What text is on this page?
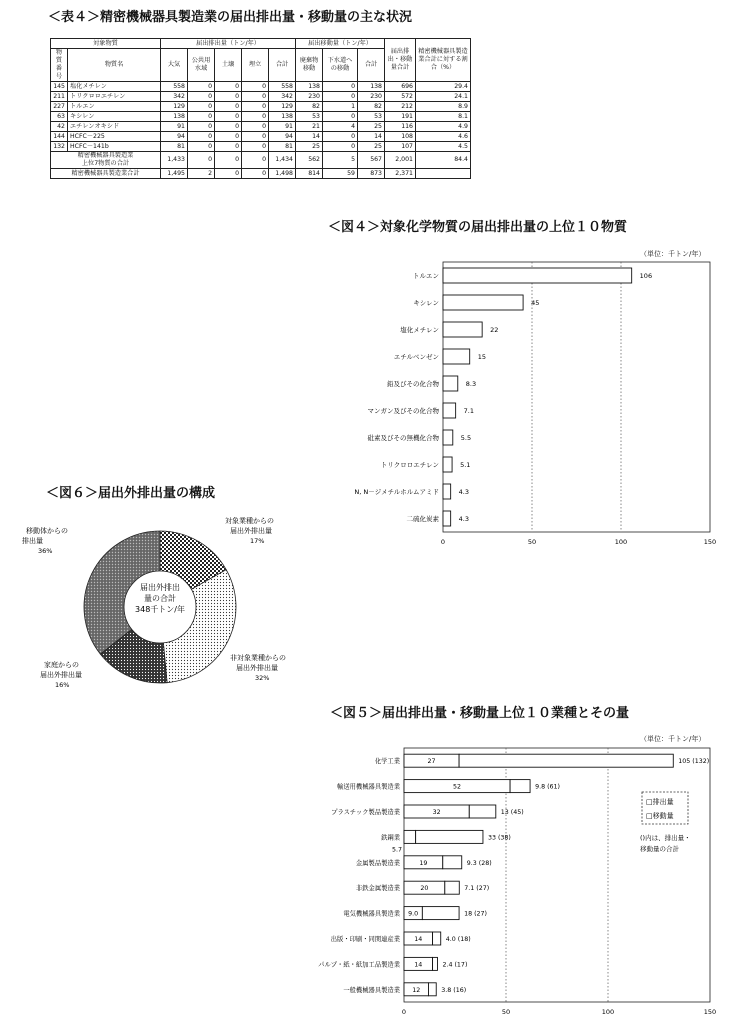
＜表４＞精密機械器具製造業の届出排出量・移動量の主な状況
対象物質		届出排出量（トン/年）					届出移動量（トン/年）			届出排出・移動量合計	精密機械器具製造業合計に対する割合（%）
物質番号	物質名	大気	公共用水域	土壌	埋立	合計	廃棄物移動	下水道への移動	合計		
145	塩化メチレン	558	0	0	0	558	138	0	138	696	29.4
211	トリクロロエチレン	342	0	0	0	342	230	0	230	572	24.1
227	トルエン	129	0	0	0	129	82	1	82	212	8.9
63	キシレン	138	0	0	0	138	53	0	53	191	8.1
42	エチレンオキシド	91	0	0	0	91	21	4	25	116	4.9
144	HCFC－225	94	0	0	0	94	14	0	14	108	4.6
132	HCFC－141b	81	0	0	0	81	25	0	25	107	4.5

精密機械器具製造業
上位7物質の合計		1,433	0	0	0	1,434	562	5	567	2,001	84.4
精密機械器具製造業合計		1,495	2	0	0	1,498	814	59	873	2,371	
＜図４＞対象化学物質の届出排出量の上位１０物質
（単位：千トン/年）
トルエン	106
キシレン	45
塩化メチレン	22
エチルベンゼン	15
鉛及びその化合物	8.3
マンガン及びその化合物	7.1
砒素及びその無機化合物	5.5
トリクロロエチレン	5.1
N, N－ジメチルホルムアミド	4.3
二硫化炭素	4.3
0	50	100	150
＜図６＞届出外排出量の構成
届出外排出
量の合計
348千トン/年
対象業種からの
届出外排出量
17%
非対象業種からの
届出外排出量
32%
家庭からの
届出外排出量
16%
移動体からの
排出量
36%
＜図５＞届出排出量・移動量上位１０業種とその量
（単位：千トン/年）
□排出量
□移動量
()内は、排出量・
移動量の合計
化学工業	27	105 (132)
輸送用機械器具製造業	52	9.8 (61)
プラスチック製品製造業	32	13 (45)
鉄鋼業
5.7
33 (38)
金属製品製造業	19	9.3 (28)
非鉄金属製造業	20	7.1 (27)
電気機械器具製造業 9.0	18 (27)
出版・印刷・同関連産業 14	4.0 (18)
パルプ・紙・紙加工品製造業 14	2.4 (17)
一般機械器具製造業 12	3.8 (16)
0	50	100	150
